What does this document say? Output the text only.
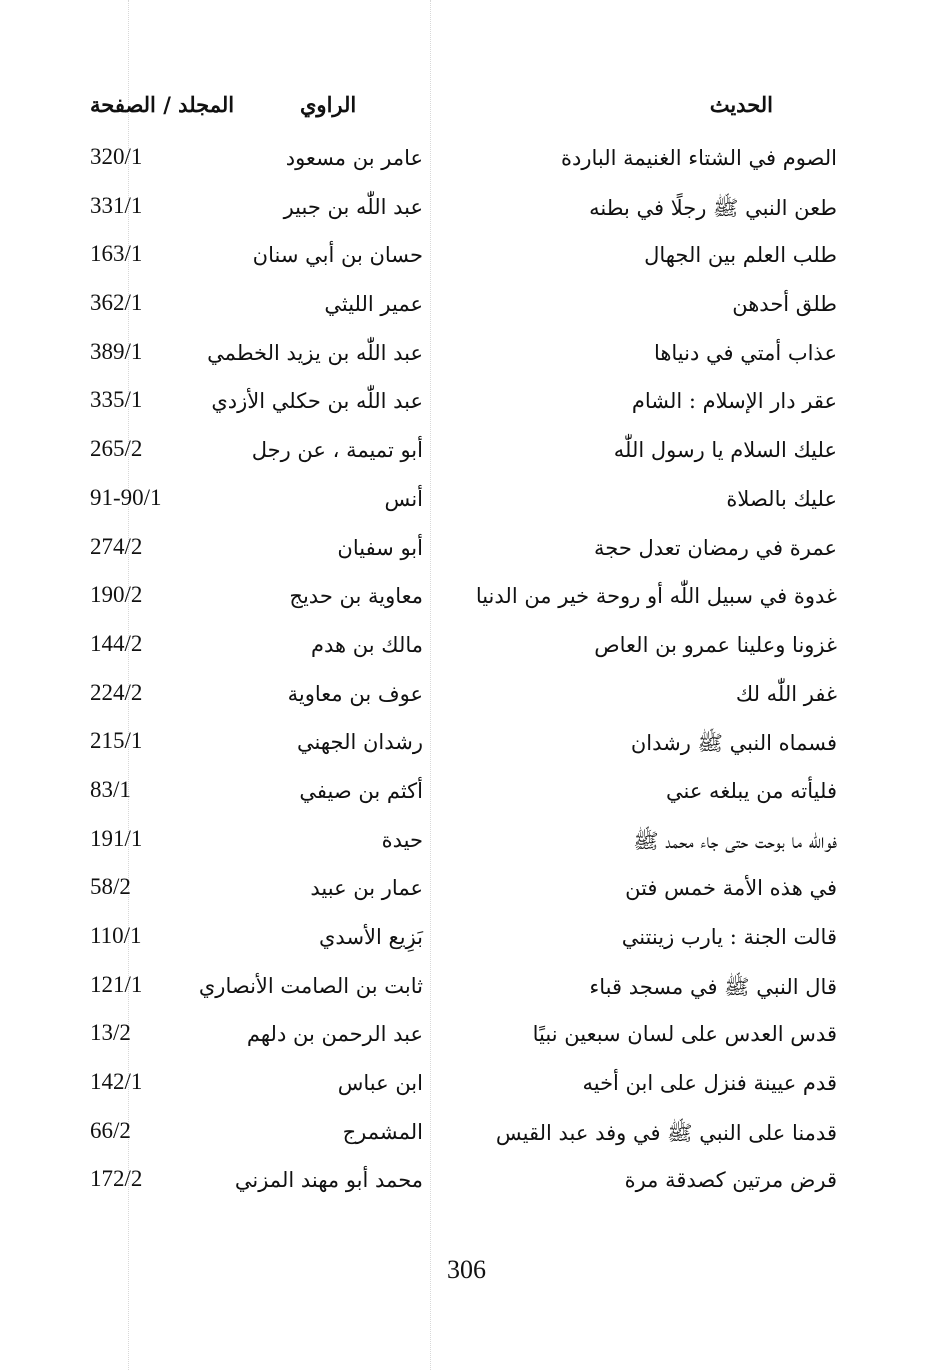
الحديث
الراوي
المجلد / الصفحة
الصوم في الشتاء الغنيمة الباردة
عامر بن مسعود
320/1
طعن النبي ﷺ رجلًا في بطنه
عبد اللّٰه بن جبير
331/1
طلب العلم بين الجهال
حسان بن أبي سنان
163/1
طلق أحدهن
عمير الليثي
362/1
عذاب أمتي في دنياها
عبد اللّٰه بن يزيد الخطمي
389/1
عقر دار الإسلام : الشام
عبد اللّٰه بن حكلي الأزدي
335/1
عليك السلام يا رسول اللّٰه
أبو تميمة ، عن رجل
265/2
عليك بالصلاة
أنس
91-90/1
عمرة في رمضان تعدل حجة
أبو سفيان
274/2
غدوة في سبيل اللّٰه أو روحة خير من الدنيا
معاوية بن حديج
190/2
غزونا وعلينا عمرو بن العاص
مالك بن هدم
144/2
غفر اللّٰه لك
عوف بن معاوية
224/2
فسماه النبي ﷺ رشدان
رشدان الجهني
215/1
فليأته من يبلغه عني
أكثم بن صيفي
83/1
فواللّٰه ما بوحت حتى جاء محمد ﷺ
حيدة
191/1
في هذه الأمة خمس فتن
عمار بن عبيد
58/2
قالت الجنة : يارب زينتني
بَزِيع الأسدي
110/1
قال النبي ﷺ في مسجد قباء
ثابت بن الصامت الأنصاري
121/1
قدس العدس على لسان سبعين نبيًا
عبد الرحمن بن دلهم
13/2
قدم عيينة فنزل على ابن أخيه
ابن عباس
142/1
قدمنا على النبي ﷺ في وفد عبد القيس
المشمرج
66/2
قرض مرتين كصدقة مرة
محمد أبو مهند المزني
172/2
306
